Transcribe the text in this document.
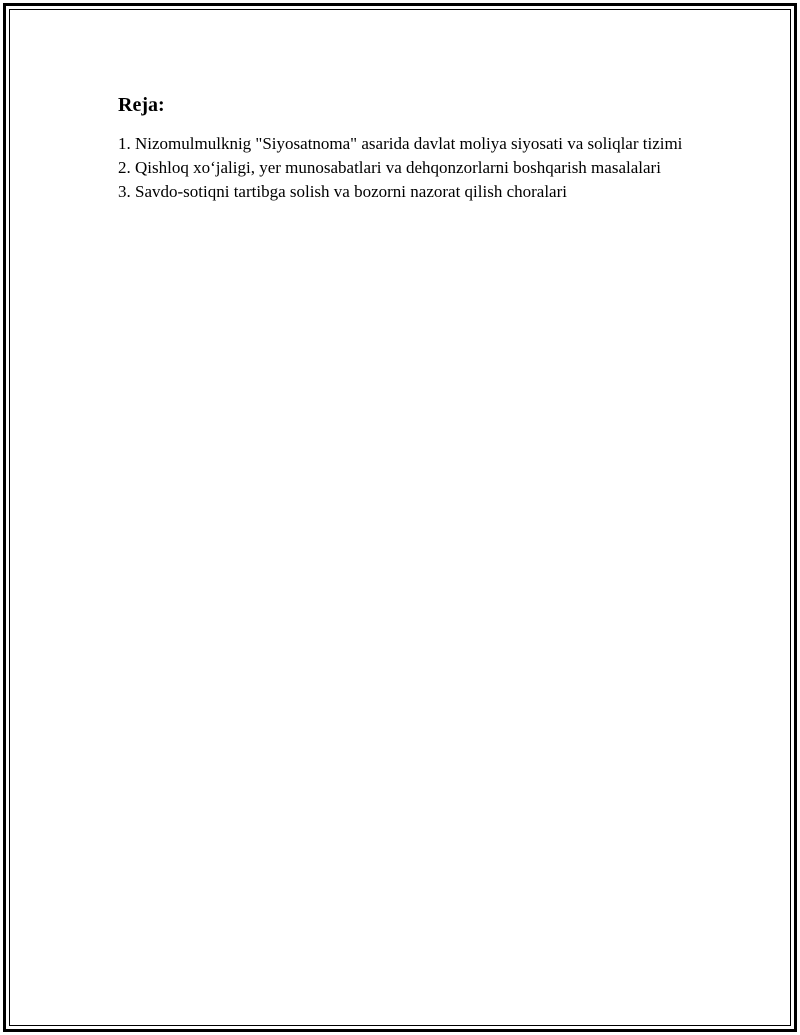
Reja:
1. Nizomulmulknig "Siyosatnoma" asarida davlat moliya siyosati va soliqlar tizimi
2. Qishloq xo‘jaligi, yer munosabatlari va dehqonzorlarni boshqarish masalalari
3. Savdo-sotiqni tartibga solish va bozorni nazorat qilish choralari
